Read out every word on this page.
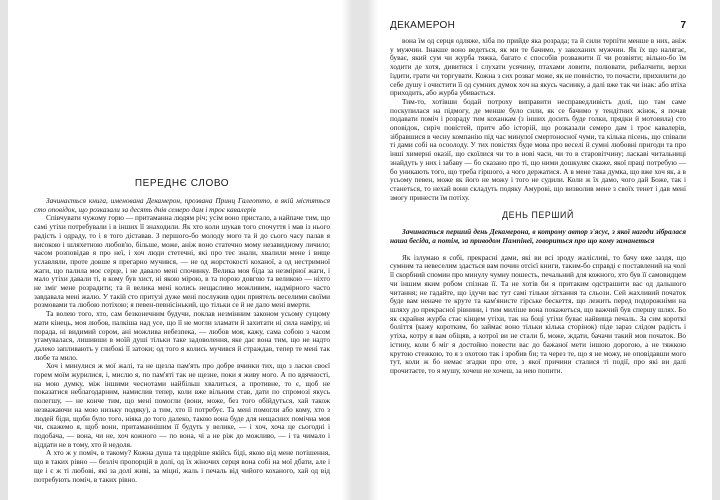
ПЕРЕДНЄ СЛОВО

Зачинається книга, именована Декамерон, прозвана Принц Галеотто, в якій містяться сто оповідок, що розказали за десять днів семеро дам і троє кавалерів

Співчувати чужому горю — притаманна людям річ; усім воно пристало, а найпаче тим, що самі утіхи потребували і в інших її знаходили. Як хто коли шукав того спочуття і мав із нього радість і одраду, то і я того діставав. З першого-бо молоду мого та й до сього часу палав я високою і шляхетною любов'ю, більше, може, аніж воно статечно мому незавидному личило; часом розповідав я про неї, і хоч люди стетечні, які про теє знали, хвалили мене і вище уславляли, проте довше я прегарно мучився, — не од жорстокості коханої, а од нестримної жаги, що палила моє серце, і не давало мені спочинку. Велика моя біда за незмірної жаги, і мало утіхи давали ті, в кому був хист, ні якою мірою, в та порою довгою та великою — ніхто не зміг мене розрадити; та й велика мені колись нещасливо можливим, надмірного часто завдавала мені жалю. У такій сто притузі дуже мені послужив один приятель веселими своїми розмовами та любою потіхою; я певен-певнісінький, що тільки се й не дало мені вмерти.

Та волею того, хто, сам безконечним будучи, поклав незмінним законом усьому сущому мати кінець, моя любов, палкіша над усе, що її не могли зламати й захитати ні сила наміру, ні порада, ні видимий сором, ані можлива небезпека, — любов моя, кажу, сама собою з часом угамувалася, лишивши в моїй душі тільки таке задоволення, яке дає вона тим, що не надто далеко запливають у глибокі її затоки; од того я колись мучився й страждав, тепер те мені так любе та мило.

Хоч і минулися ж мої жалі, та не щезла пам'ять про добре вчинки тих, що з ласки своєї горем моїм журилися, і, мислю я, по пам'яті так не щезне, поки я живу мого. А по вдячності, на мою думку, між іншими чеснотами найбільш хвалиться, а противне, то є, щоб не показатися неблагодарним, намислив тепер, коли вже вільним став, дати по спромозі якусь полегшу, — не конче тим, що мені помогли (вони, може, без того обійдуться, хай також незважаючи на мою низьку подяку), а тим, хто її потребує. Та мені помогли або кому, хто з людей біди, щоби було того, ніяка до того далеко, такою вона буде для нещасних помічна моя чи, скажемо я, щоб вони, притаманнішим її будуть у велике, — і хоч, хоча це сьогодні і подобача, — вона, чи не, хоч кожного — по вона, чі а не ріж до можливо, — і та чимало і віддати не в тому, хто й недоля.

А хто ж у поміч, в такому? Кожна душа та щедріше якійсь біді, якою від мене потішення, що в таких рівно — безліч пропорцій в долі, од їх жіночих серця вона собі на мої дбати, але і ще і є ж ті любові, які за долі живі, за міцні, жаль і печаль від чийого коханого, хай од від потребують поміч, в таких рівно.

ДЕКАМЕРОН	7

вона їм од серця одляже, хіба по прийде яка розрада; та й сили терпіти менше в них, аніж у мужчин. Інакше воно ведеться, як ми те бачимо, у закоханих мужчин. Як їх що налягає, буває, який сум чи журба тяжка, багато є способів розважити її чи розвіяти; вільно-бо їм ходити де хотя, дивитися і слухати усячину, птахами ловити, полювати, рибалчити, верхи їздити, грати чи торгувати. Кожна з сих розваг може, як не повністю, то почасти, прихилити до себе душу і очистити її од сумних думок хоч на якусь часинку, а далі вже так чи інак: або втіха приходить, або журба убивається.

Тим-то, хотівши бодай потроху виправити несправедливість долі, що там саме поскупилася на підмогу, де менше було сили, як се бачимо у тендітних жінок, я почав подавати поміч і розраду тим коханкам (з інших досить буде голки, прядки й мотовила) сто оповідок, сиріч повістей, притч або історій, що розказали семеро дам і троє кавалерів, зібравшися в чесну компанію під час минулої смертоносної чуми, та кілька пісень, що співали ті дами собі на осоолоду. У тих повістях буде мова про веселі й сумні любовні пригоди та про інші химерні оказії, що скоїлися чи то в нові часи, чи то в старовітчину; ласкаві читальниці знайдуть у них і забаву — бо сказано про ті, що ними дошкуляє скаже, якої праці потребую — бо уникають того, що треба гіршого, а чого держатися. А в мене така думка, що вже хоч як, а в усьому певен, може як його не можу і того не судили. Коли ж їх дамо, чого дай Боже, так і станеться, то нехай вони складуть подяку Амурові, що визволив мене з своїх тенет і дав мені змогу принести їм потіху.

ДЕНЬ ПЕРШИЙ

Зачинається перший день Декамерона, в котрому автор з'ясує, з якої нагоди зібралася наша бесіда, а потім, за приводом Пампінеї, говориться про що кому заманеться

Як ізлумаю я собі, прекрасні дами, які ви всі зроду жалісливі, то бачу вже заздя, що сумним та невеселим здасться вам почин отсієї книги, таким-бо справді є поставлений на чолі її скорбний спомин про минулу чумну пошесть, печальний для кожного, хто був її самовидцем чи іншим яким робом спізнав її. Та не хотів би я притаким одстрашити вас од дальшого читання; не гадайте, що ідучи вас тут самі тільки зітхання та сльози. Сей жахливий початок буде вам неначе те круте та кам'янисте гірське бескеття, що лежить перед подорожніми на шляху до прекрасної рівнини, і тим миліше вона покажеться, що важчий був спершу шлях. Бо як скрайня журба стає кінцем утіхи, так на боці утіхи буває найвища печаль. За сим короткі боліття (кажу коротким, бо займає воно тільки кілька сторінок) піде зараз слідом радість і утіха, котру я вам обіцяв, а котрої ви не стали б, може, ждати, бачачи такий мов початок. Во істину, коли б міг я достойно повести вас до бажаної мети іншою дорогою, а не тяжкою крутою стежкою, то я з охотою так і зробив би; та через те, що я не можу, не оповідавши мого тут, коли ж бо немає згадки про оте, з якої причини сталися ті події, про які ви далі прочитаєте, то я мушу, хочеш не хочеш, за нею попити.
